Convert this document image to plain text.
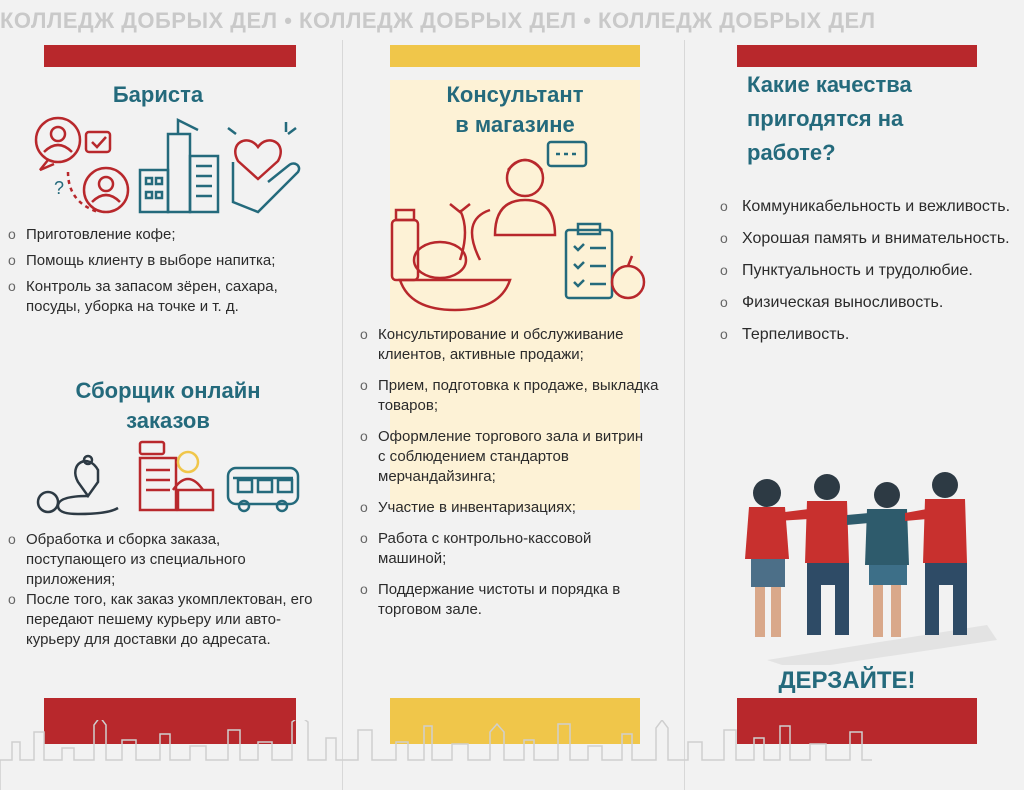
КОЛЛЕДЖ ДОБРЫХ ДЕЛ • КОЛЛЕДЖ ДОБРЫХ ДЕЛ • КОЛЛЕДЖ ДОБРЫХ ДЕЛ
Бариста
?
o Приготовление кофе;
o Помощь клиенту в выборе напитка;
o Контроль за запасом зёрен, сахара, посуды, уборка на точке и т. д.
Сборщик онлайн
заказов
o Обработка и сборка заказа, поступающего из специального приложения;
o После того, как заказ укомплектован, его передают пешему курьеру или авто-курьеру для доставки до адресата.
Консультант
в магазине
o Консультирование и обслуживание клиентов, активные продажи;
o Прием, подготовка к продаже, выкладка товаров;
o Оформление торгового зала и витрин с соблюдением стандартов мерчандайзинга;
o Участие в инвентаризациях;
o Работа с контрольно-кассовой машиной;
o Поддержание чистоты и порядка в торговом зале.
Какие качества
пригодятся на
работе?
o Коммуникабельность и вежливость.
o Хорошая память и внимательность.
o Пунктуальность и трудолюбие.
o Физическая выносливость.
o Терпеливость.
ДЕРЗАЙТЕ!
